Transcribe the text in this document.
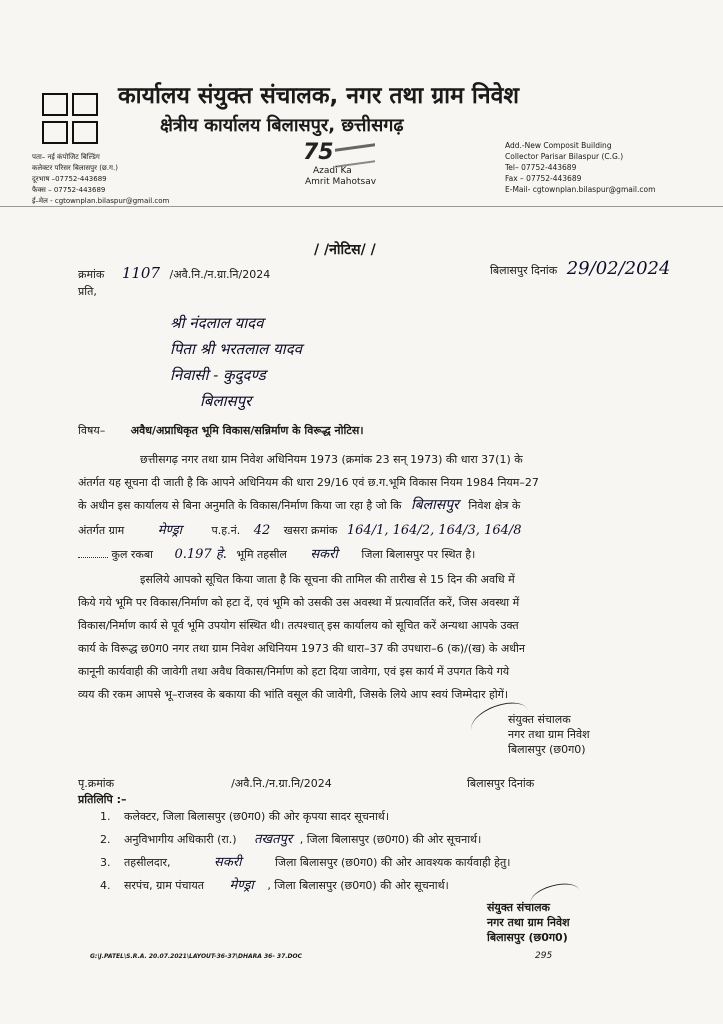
कार्यालय संयुक्त संचालक, नगर तथा ग्राम निवेश
क्षेत्रीय कार्यालय बिलासपुर, छत्तीसगढ़
पता– नई कंपोजिट बिल्डिंग
कलेक्टर परिसर बिलासपुर (छ.ग.)
दूरभाष –07752-443689
फैक्स – 07752-443689
ई–मेल - cgtownplan.bilaspur@gmail.com
75
Azadi Ka
Amrit Mahotsav
Add.-New Composit Building
Collector Parisar Bilaspur (C.G.)
Tel– 07752-443689
Fax – 07752-443689
E-Mail- cgtownplan.bilaspur@gmail.com
/ /नोटिस/ /
क्रमांक 1107 /अवै.नि./न.ग्रा.नि/2024	बिलासपुर दिनांक 29/02/2024
प्रति,
श्री नंदलाल यादव
पिता श्री भरतलाल यादव
निवासी - कुदुदण्ड
बिलासपुर
विषय– अवैध/अप्राधिकृत भूमि विकास/सन्निर्माण के विरूद्ध नोटिस।
छत्तीसगढ़ नगर तथा ग्राम निवेश अधिनियम 1973 (क्रमांक 23 सन् 1973) की धारा 37(1) के
अंतर्गत यह सूचना दी जाती है कि आपने अधिनियम की धारा 29/16 एवं छ.ग.भूमि विकास नियम 1984 नियम–27
के अधीन इस कार्यालय से बिना अनुमति के विकास/निर्माण किया जा रहा है जो कि बिलासपुर निवेश क्षेत्र के
अंतर्गत ग्राम	मेण्ड्रा	प.ह.नं. 42 खसरा क्रमांक 164/1, 164/2, 164/3, 164/8
कुल रकबा 0.197 हे. भूमि तहसील सकरी जिला बिलासपुर पर स्थित है।
इसलिये आपको सूचित किया जाता है कि सूचना की तामिल की तारीख से 15 दिन की अवधि में
किये गये भूमि पर विकास/निर्माण को हटा दें, एवं भूमि को उसकी उस अवस्था में प्रत्यावर्तित करें, जिस अवस्था में
विकास/निर्माण कार्य से पूर्व भूमि उपयोग संस्थित थी। तत्पश्चात् इस कार्यालय को सूचित करें अन्यथा आपके उक्त
कार्य के विरूद्ध छ0ग0 नगर तथा ग्राम निवेश अधिनियम 1973 की धारा–37 की उपधारा–6 (क)/(ख) के अधीन
कानूनी कार्यवाही की जावेगी तथा अवैध विकास/निर्माण को हटा दिया जावेगा, एवं इस कार्य में उपगत किये गये
व्यय की रकम आपसे भू–राजस्व के बकाया की भांति वसूल की जावेगी, जिसके लिये आप स्वयं जिम्मेदार होगें।
संयुक्त संचालक
नगर तथा ग्राम निवेश
बिलासपुर (छ0ग0)
पृ.क्रमांक	/अवै.नि./न.ग्रा.नि/2024	बिलासपुर दिनांक
प्रतिलिपि :–
1. कलेक्टर, जिला बिलासपुर (छ0ग0) की ओर कृपया सादर सूचनार्थ।
2. अनुविभागीय अधिकारी (रा.) तखतपुर , जिला बिलासपुर (छ0ग0) की ओर सूचनार्थ।
3. तहसीलदार,	सकरी	जिला बिलासपुर (छ0ग0) की ओर आवश्यक कार्यवाही हेतु।
4. सरपंच, ग्राम पंचायत मेण्ड्रा , जिला बिलासपुर (छ0ग0) की ओर सूचनार्थ।
संयुक्त संचालक
नगर तथा ग्राम निवेश
बिलासपुर (छ0ग0)
G:\J.PATEL\S.R.A. 20.07.2021\LAYOUT-36-37\DHARA 36- 37.DOC	295
